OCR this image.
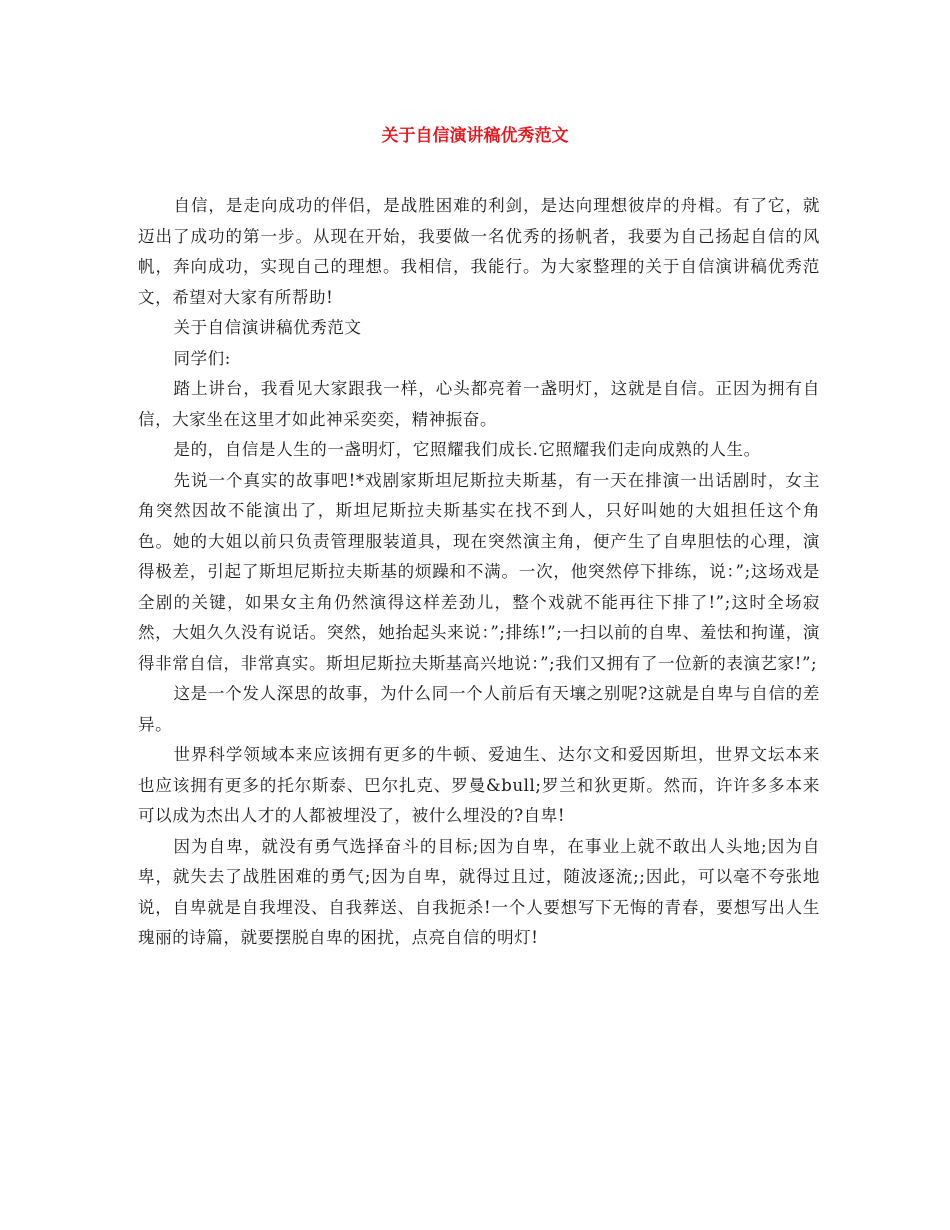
关于自信演讲稿优秀范文

自信，是走向成功的伴侣，是战胜困难的利剑，是达向理想彼岸的舟楫。有了它，就迈出了成功的第一步。从现在开始，我要做一名优秀的扬帆者，我要为自己扬起自信的风帆，奔向成功，实现自己的理想。我相信，我能行。为大家整理的关于自信演讲稿优秀范文，希望对大家有所帮助!

关于自信演讲稿优秀范文

同学们:

踏上讲台，我看见大家跟我一样，心头都亮着一盏明灯，这就是自信。正因为拥有自信，大家坐在这里才如此神采奕奕，精神振奋。

是的，自信是人生的一盏明灯，它照耀我们成长.它照耀我们走向成熟的人生。

先说一个真实的故事吧!*戏剧家斯坦尼斯拉夫斯基，有一天在排演一出话剧时，女主角突然因故不能演出了，斯坦尼斯拉夫斯基实在找不到人，只好叫她的大姐担任这个角色。她的大姐以前只负责管理服装道具，现在突然演主角，便产生了自卑胆怯的心理，演得极差，引起了斯坦尼斯拉夫斯基的烦躁和不满。一次，他突然停下排练，说：”;这场戏是全剧的关键，如果女主角仍然演得这样差劲儿，整个戏就不能再往下排了!”;这时全场寂然，大姐久久没有说话。突然，她抬起头来说：”;排练!”;一扫以前的自卑、羞怯和拘谨，演得非常自信，非常真实。斯坦尼斯拉夫斯基高兴地说：”;我们又拥有了一位新的表演艺家!”;

这是一个发人深思的故事，为什么同一个人前后有天壤之别呢?这就是自卑与自信的差异。

世界科学领域本来应该拥有更多的牛顿、爱迪生、达尔文和爱因斯坦，世界文坛本来也应该拥有更多的托尔斯泰、巴尔扎克、罗曼&bull;罗兰和狄更斯。然而，许许多多本来可以成为杰出人才的人都被埋没了，被什么埋没的?自卑!

因为自卑，就没有勇气选择奋斗的目标;因为自卑，在事业上就不敢出人头地;因为自卑，就失去了战胜困难的勇气;因为自卑，就得过且过，随波逐流;;因此，可以毫不夸张地说，自卑就是自我埋没、自我葬送、自我扼杀!一个人要想写下无悔的青春，要想写出人生瑰丽的诗篇，就要摆脱自卑的困扰，点亮自信的明灯!
